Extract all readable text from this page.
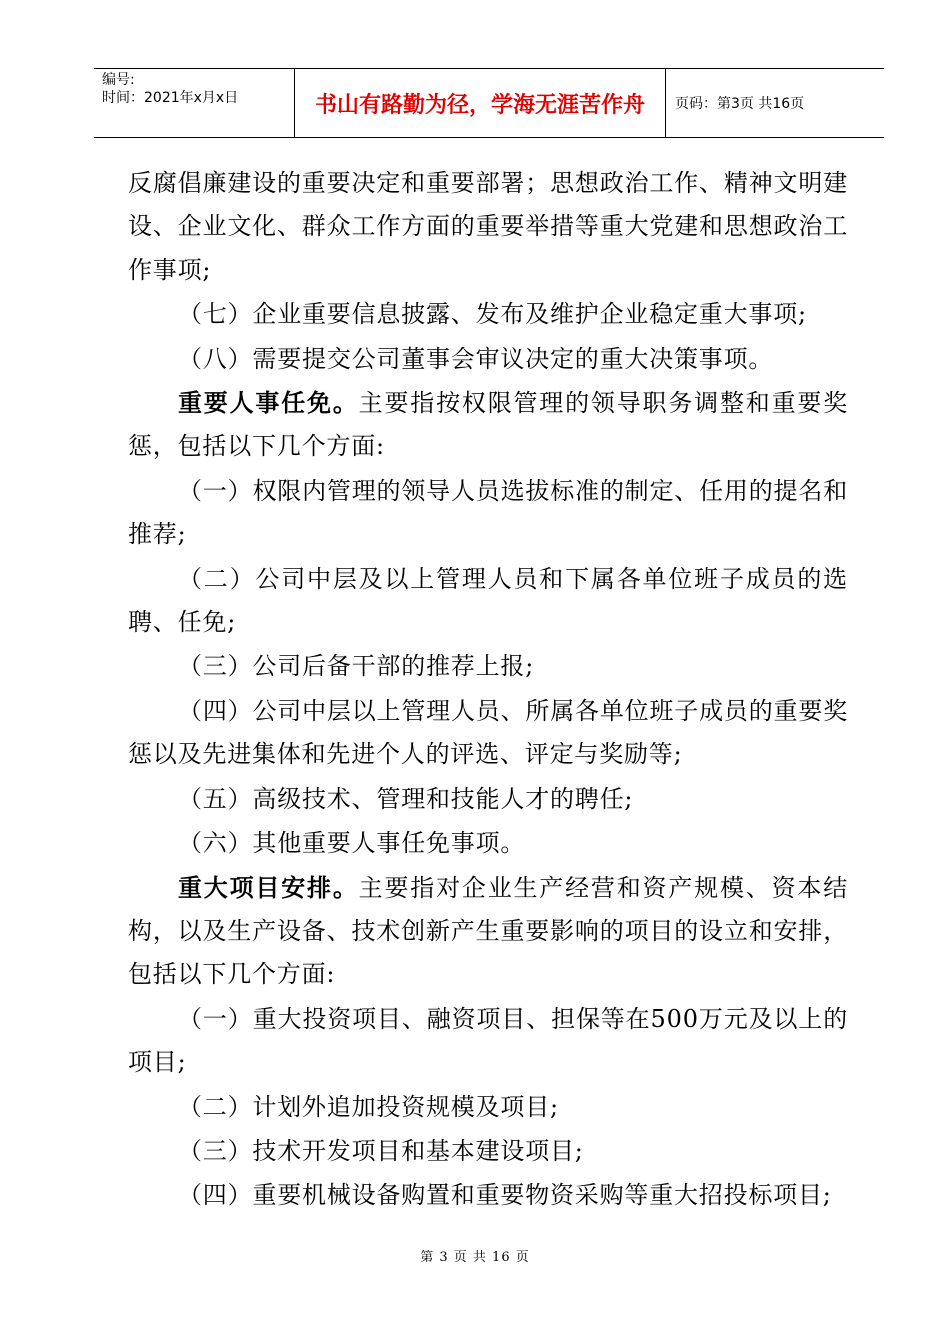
编号:
时间：2021年x月x日	书山有路勤为径，学海无涯苦作舟	页码：第3页 共16页

反腐倡廉建设的重要决定和重要部署；思想政治工作、精神文明建设、企业文化、群众工作方面的重要举措等重大党建和思想政治工作事项;

（七）企业重要信息披露、发布及维护企业稳定重大事项;

（八）需要提交公司董事会审议决定的重大决策事项。

重要人事任免。主要指按权限管理的领导职务调整和重要奖惩，包括以下几个方面:

（一）权限内管理的领导人员选拔标准的制定、任用的提名和推荐;

（二）公司中层及以上管理人员和下属各单位班子成员的选聘、任免;

（三）公司后备干部的推荐上报;

（四）公司中层以上管理人员、所属各单位班子成员的重要奖惩以及先进集体和先进个人的评选、评定与奖励等;

（五）高级技术、管理和技能人才的聘任;

（六）其他重要人事任免事项。

重大项目安排。主要指对企业生产经营和资产规模、资本结构，以及生产设备、技术创新产生重要影响的项目的设立和安排，包括以下几个方面:

（一）重大投资项目、融资项目、担保等在500万元及以上的项目;

（二）计划外追加投资规模及项目;

（三）技术开发项目和基本建设项目;

（四）重要机械设备购置和重要物资采购等重大招投标项目;

第 3 页 共 16 页
